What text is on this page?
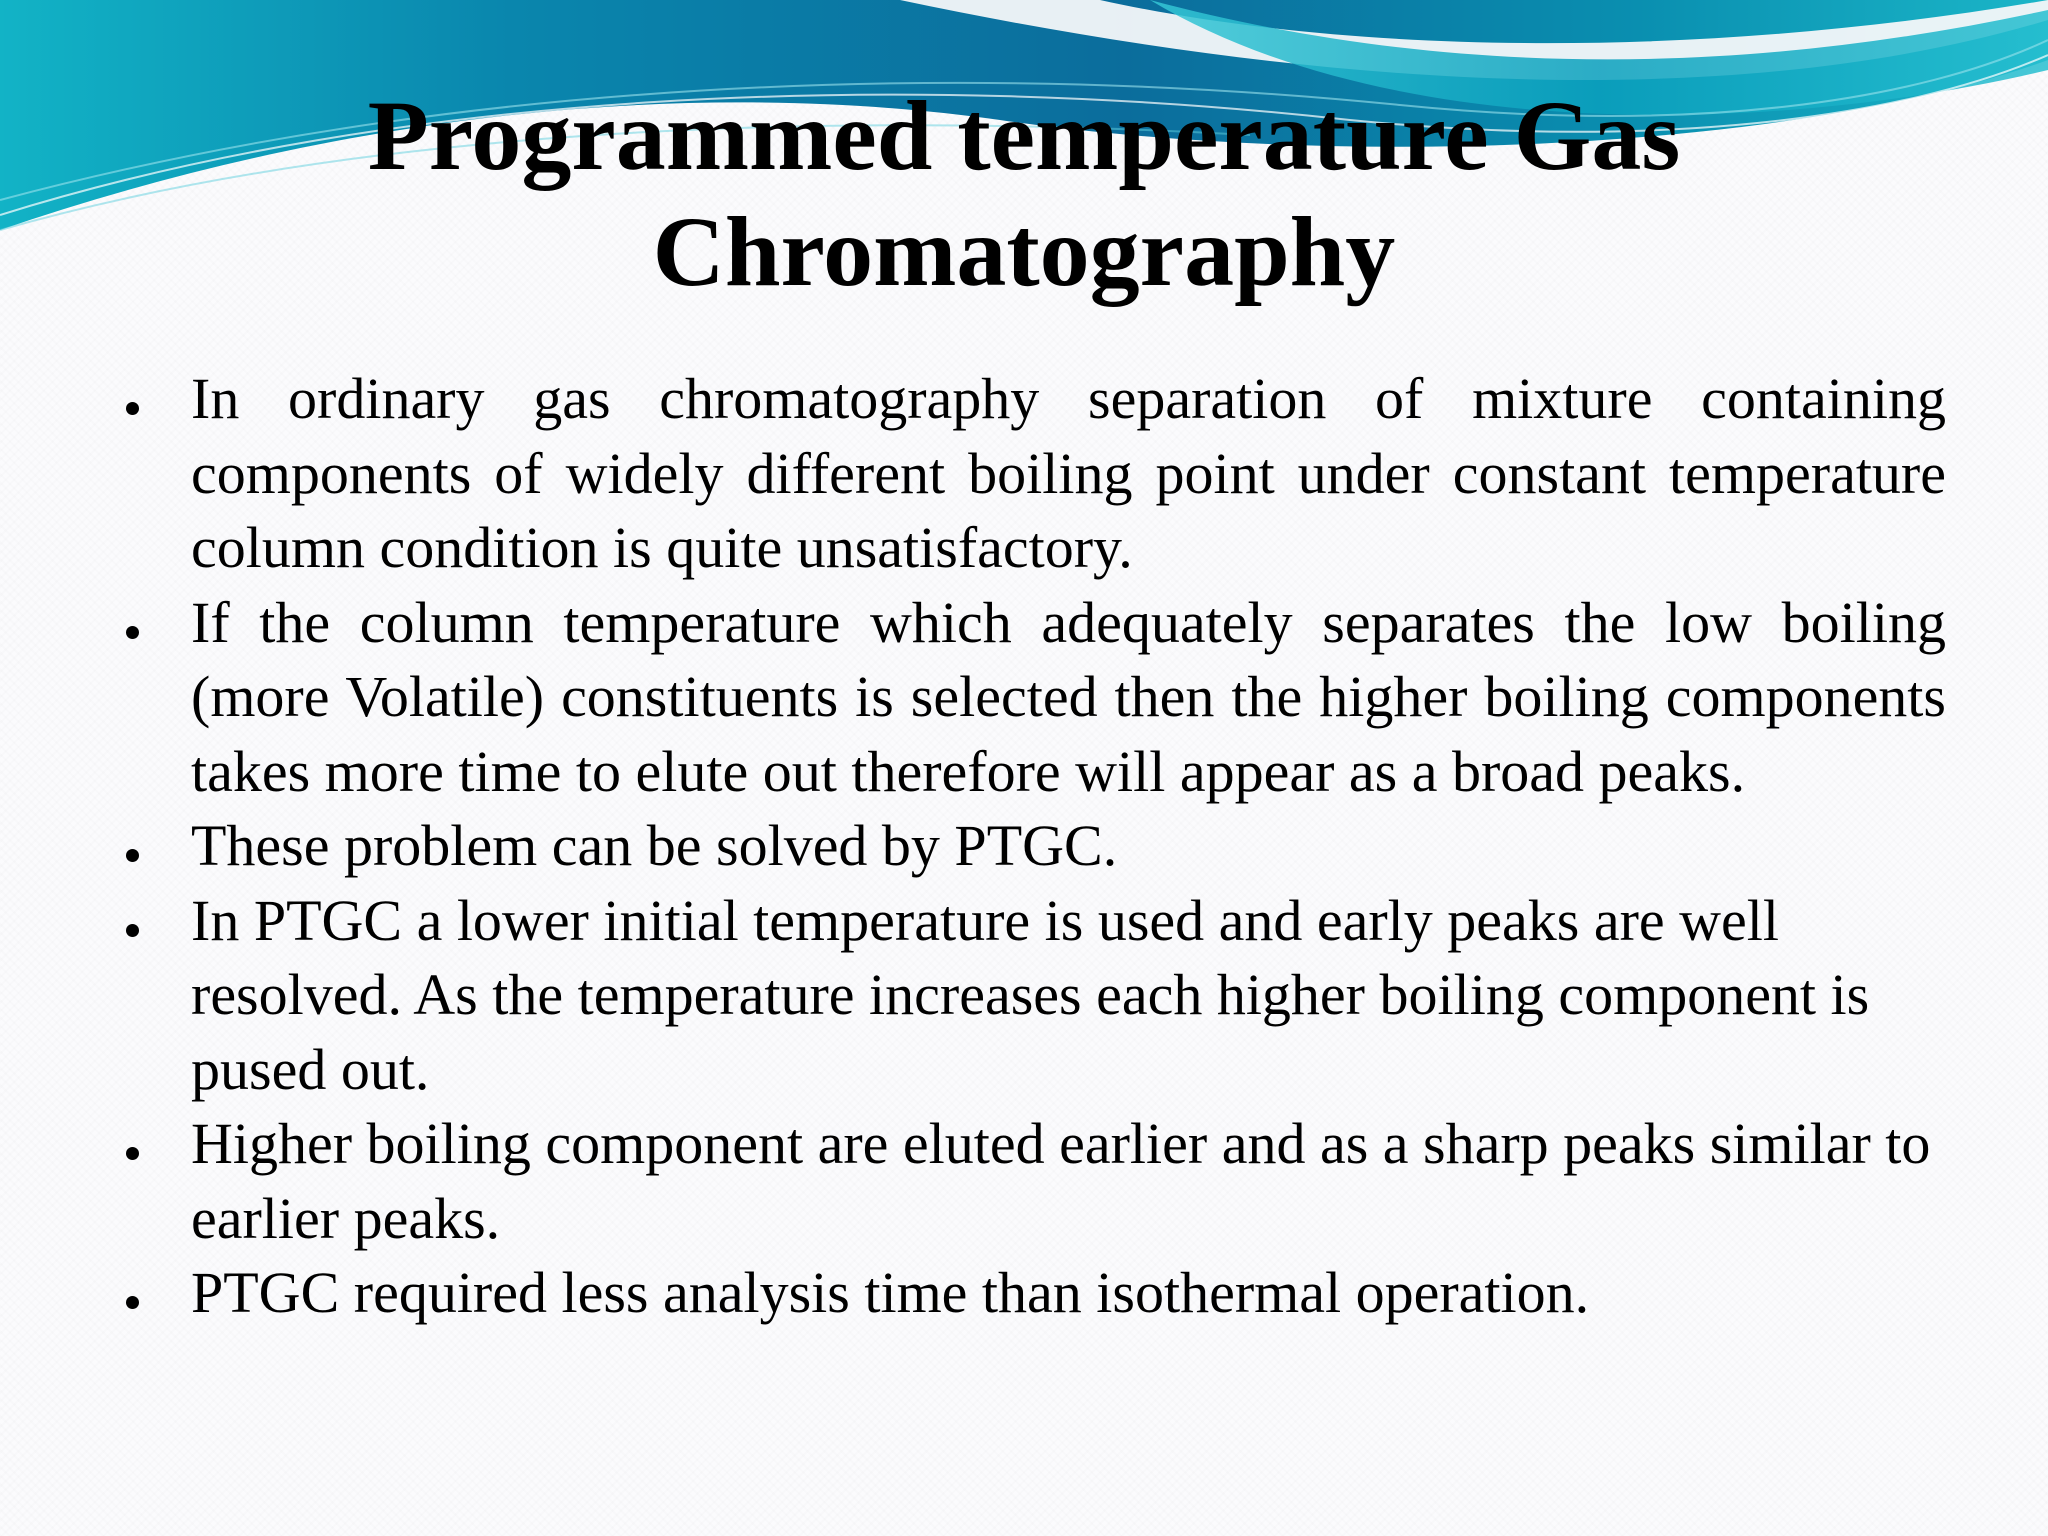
Programmed temperature Gas
Chromatography
In ordinary gas chromatography separation of mixture containing components of widely different boiling point under constant temperature column condition is quite unsatisfactory.
If the column temperature which adequately separates the low boiling (more Volatile) constituents is selected then the higher boiling components takes more time to elute out therefore will appear as a broad peaks.
These problem can be solved by PTGC.
In PTGC a lower initial temperature is used and early peaks are well resolved. As the temperature increases each higher boiling component is pused out.
Higher boiling component are eluted earlier and as a sharp peaks similar to earlier peaks.
PTGC required less analysis time than isothermal operation.
